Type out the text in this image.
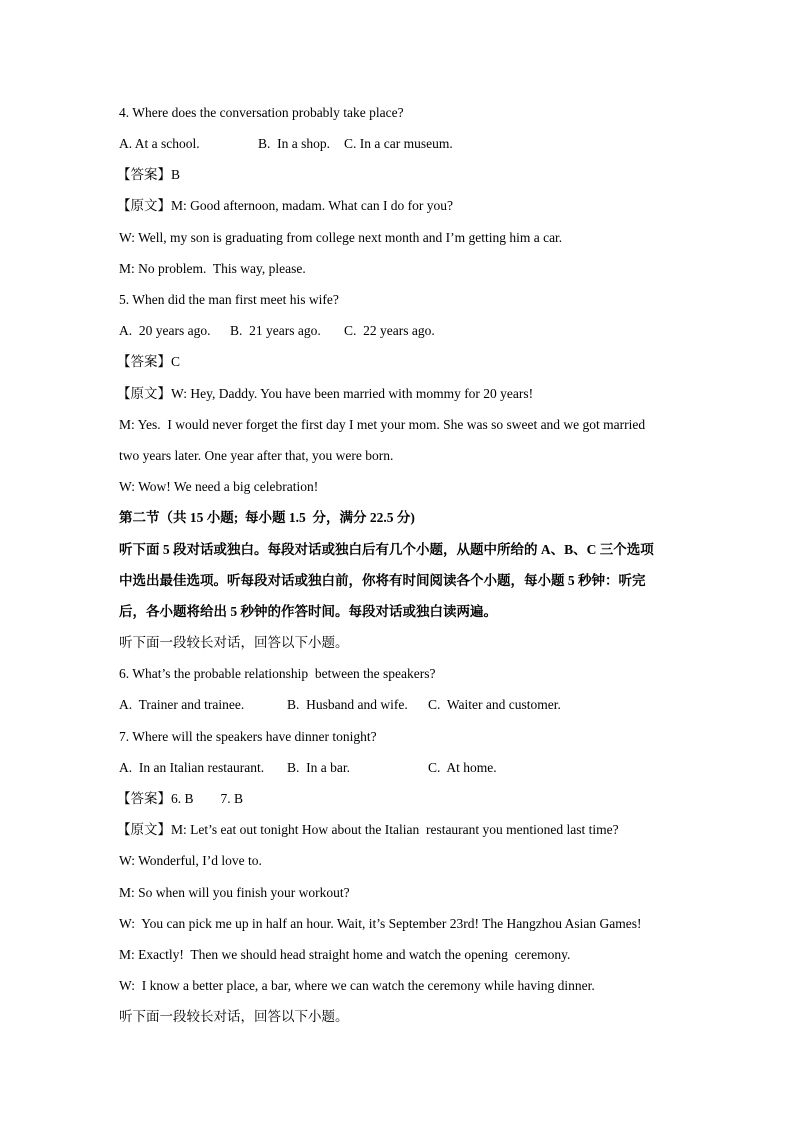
4. Where does the conversation probably take place?
A. At a school.	B.  In a shop. C. In a car museum.
【答案】B
【原文】M: Good afternoon, madam. What can I do for you?
W: Well, my son is graduating from college next month and I’m getting him a car.
M: No problem.  This way, please.
5. When did the man first meet his wife?
A.  20 years ago. B.  21 years ago. C.  22 years ago.
【答案】C
【原文】W: Hey, Daddy. You have been married with mommy for 20 years!
M: Yes.  I would never forget the first day I met your mom. She was so sweet and we got married
two years later. One year after that, you were born.
W: Wow! We need a big celebration!
第二节（共 15 小题;  每小题 1.5  分，满分 22.5 分)
听下面 5 段对话或独白。每段对话或独白后有几个小题，从题中所给的 A、B、C 三个选项
中选出最佳选项。听每段对话或独白前，你将有时间阅读各个小题，每小题 5 秒钟：听完
后，各小题将给出 5 秒钟的作答时间。每段对话或独白读两遍。
听下面一段较长对话，回答以下小题。
6. What’s the probable relationship  between the speakers?
A.  Trainer and trainee.	B.  Husband and wife. C.  Waiter and customer.
7. Where will the speakers have dinner tonight?
A.  In an Italian restaurant. B.  In a bar.	C.  At home.
【答案】6. B        7. B
【原文】M: Let’s eat out tonight How about the Italian  restaurant you mentioned last time?
W: Wonderful, I’d love to.
M: So when will you finish your workout?
W:  You can pick me up in half an hour. Wait, it’s September 23rd! The Hangzhou Asian Games!
M: Exactly!  Then we should head straight home and watch the opening  ceremony.
W:  I know a better place, a bar, where we can watch the ceremony while having dinner.
听下面一段较长对话，回答以下小题。
